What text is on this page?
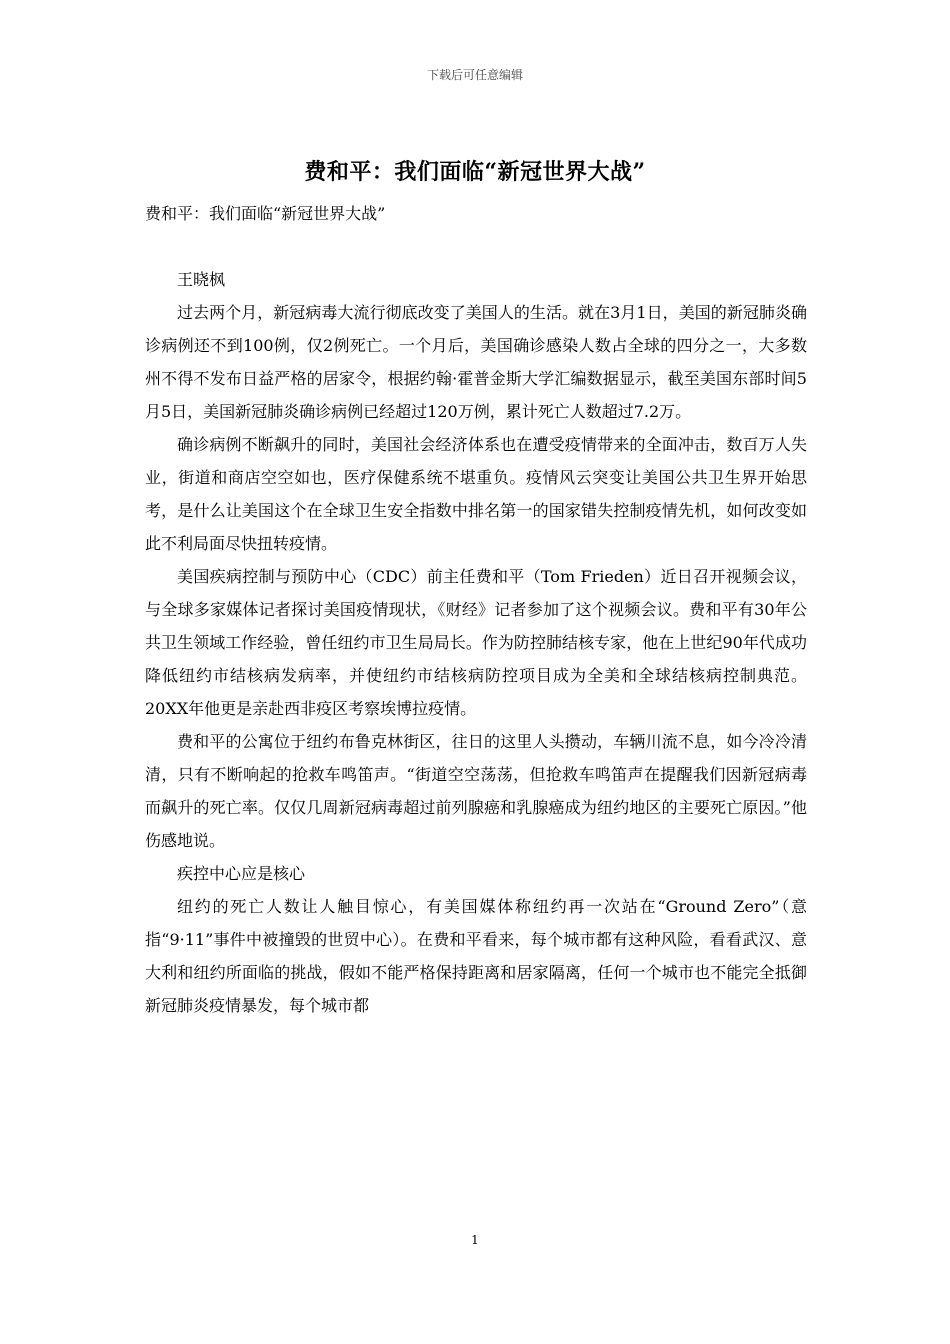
下载后可任意编辑
费和平：我们面临“新冠世界大战”

费和平：我们面临“新冠世界大战”

王晓枫

过去两个月，新冠病毒大流行彻底改变了美国人的生活。就在3月1日，美国的新冠肺炎确诊病例还不到100例，仅2例死亡。一个月后，美国确诊感染人数占全球的四分之一，大多数州不得不发布日益严格的居家令，根据约翰·霍普金斯大学汇编数据显示，截至美国东部时间5月5日，美国新冠肺炎确诊病例已经超过120万例，累计死亡人数超过7.2万。

确诊病例不断飙升的同时，美国社会经济体系也在遭受疫情带来的全面冲击，数百万人失业，街道和商店空空如也，医疗保健系统不堪重负。疫情风云突变让美国公共卫生界开始思考，是什么让美国这个在全球卫生安全指数中排名第一的国家错失控制疫情先机，如何改变如此不利局面尽快扭转疫情。

美国疾病控制与预防中心（CDC）前主任费和平（Tom Frieden）近日召开视频会议，与全球多家媒体记者探讨美国疫情现状，《财经》记者参加了这个视频会议。费和平有30年公共卫生领域工作经验，曾任纽约市卫生局局长。作为防控肺结核专家，他在上世纪90年代成功降低纽约市结核病发病率，并使纽约市结核病防控项目成为全美和全球结核病控制典范。20XX年他更是亲赴西非疫区考察埃博拉疫情。

费和平的公寓位于纽约布鲁克林街区，往日的这里人头攒动，车辆川流不息，如今冷冷清清，只有不断响起的抢救车鸣笛声。“街道空空荡荡，但抢救车鸣笛声在提醒我们因新冠病毒而飙升的死亡率。仅仅几周新冠病毒超过前列腺癌和乳腺癌成为纽约地区的主要死亡原因。”他伤感地说。

疾控中心应是核心

纽约的死亡人数让人触目惊心，有美国媒体称纽约再一次站在“Ground Zero”（意指“9·11”事件中被撞毁的世贸中心）。在费和平看来，每个城市都有这种风险，看看武汉、意大利和纽约所面临的挑战，假如不能严格保持距离和居家隔离，任何一个城市也不能完全抵御新冠肺炎疫情暴发，每个城市都

1
